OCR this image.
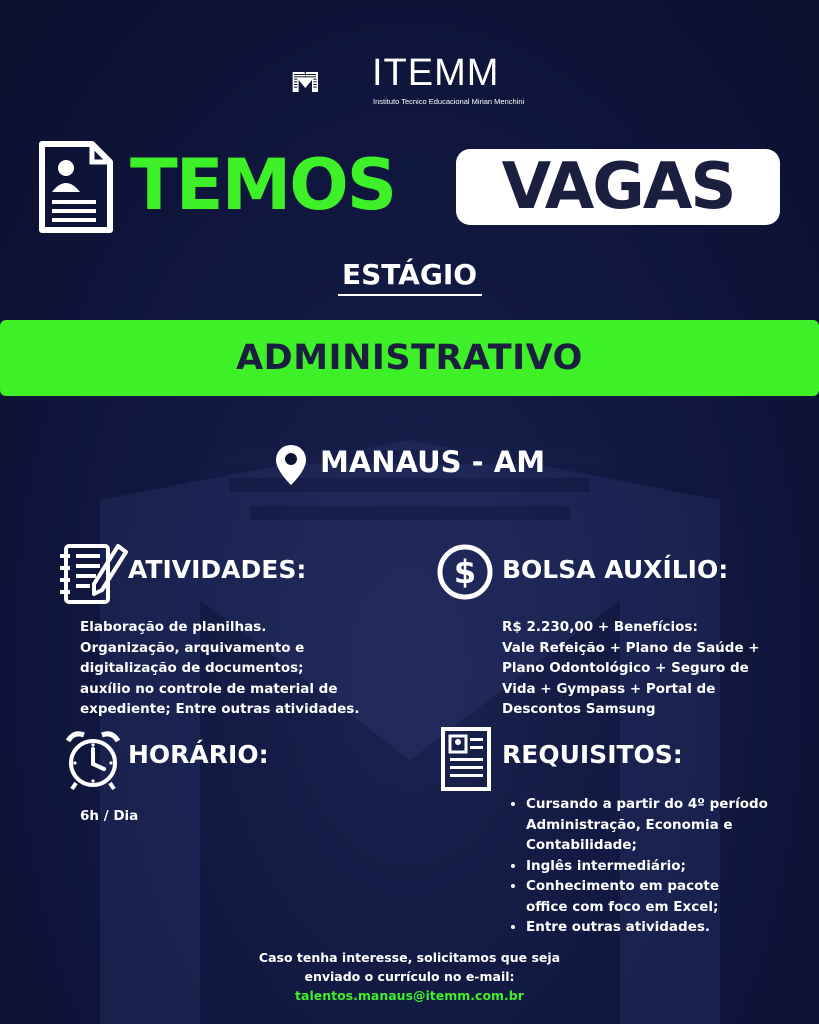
ITEMM
Instituto Tecnico Educacional Mirian Menchini
TEMOS	VAGAS
ESTÁGIO
ADMINISTRATIVO
MANAUS - AM
ATIVIDADES:
Elaboração de planilhas.
Organização, arquivamento e
digitalização de documentos;
auxílio no controle de material de
expediente; Entre outras atividades.
$ BOLSA AUXÍLIO:
R$ 2.230,00 + Benefícios:
Vale Refeição + Plano de Saúde +
Plano Odontológico + Seguro de
Vida + Gympass + Portal de
Descontos Samsung
HORÁRIO:
6h / Dia
REQUISITOS:
• Cursando a partir do 4º período
Administração, Economia e
Contabilidade;
• Inglês intermediário;
• Conhecimento em pacote
office com foco em Excel;
• Entre outras atividades.
Caso tenha interesse, solicitamos que seja
enviado o currículo no e-mail:
talentos.manaus@itemm.com.br
